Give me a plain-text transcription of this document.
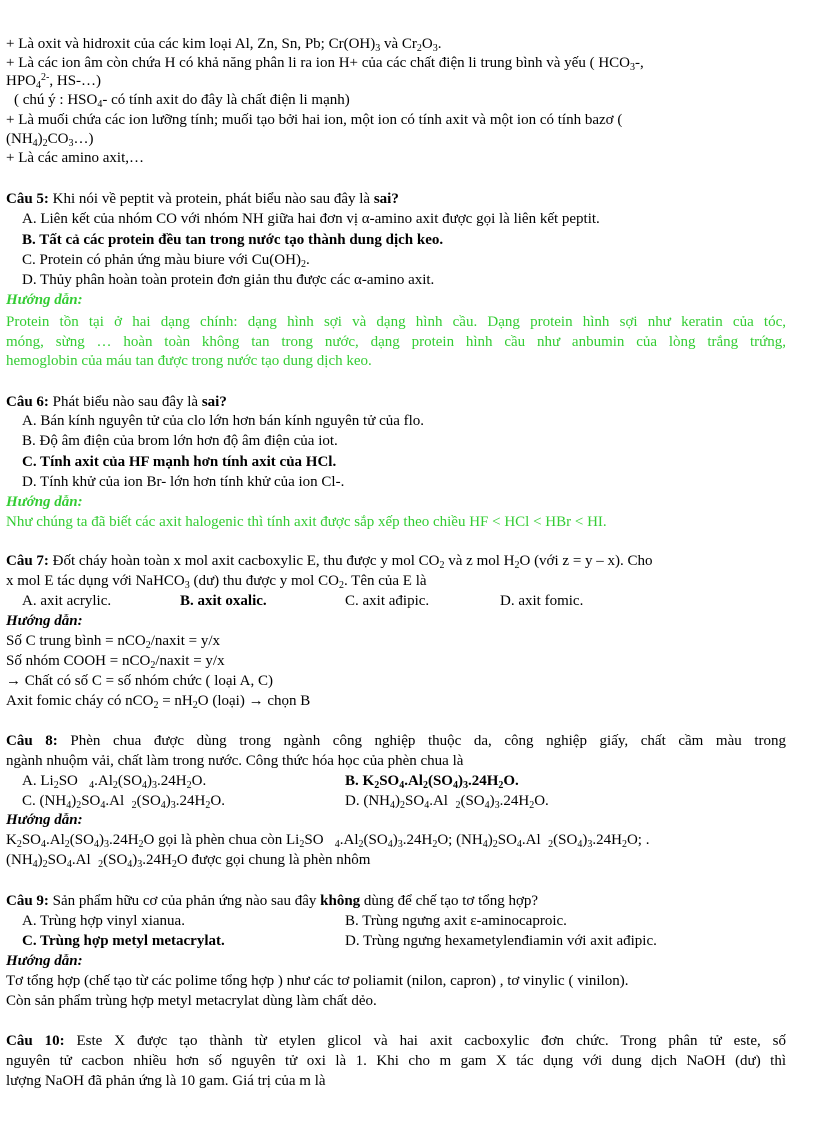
+ Là oxit và hidroxit của các kim loại Al, Zn, Sn, Pb; $Cr(OH)_3$ và $Cr_2O_3$.
+ Là các ion âm còn chứa H có khả năng phân li ra ion H+ của các chất điện li trung bình và yếu ( $HCO_3-$,
$HPO_4^{2-}$, HS-…)
( chú ý : $HSO_4-$ có tính axit do đây là chất điện li mạnh)
+ Là muối chứa các ion lưỡng tính; muối tạo bởi hai ion, một ion có tính axit và một ion có tính bazơ (
$(NH_4)_2CO_3\dots$)
+ Là các amino axit,…
Câu 5: Khi nói về peptit và protein, phát biểu nào sau đây là sai?
A. Liên kết của nhóm CO với nhóm NH giữa hai đơn vị α-amino axit được gọi là liên kết peptit.
B. Tất cả các protein đều tan trong nước tạo thành dung dịch keo.
C. Protein có phản ứng màu biure với $Cu(OH)_2$.
D. Thủy phân hoàn toàn protein đơn giản thu được các α-amino axit.
Hướng dẫn:
Protein tồn tại ở hai dạng chính: dạng hình sợi và dạng hình cầu. Dạng protein hình sợi như keratin của tóc,
móng, sừng … hoàn toàn không tan trong nước, dạng protein hình cầu như anbumin của lòng trắng trứng,
hemoglobin của máu tan được trong nước tạo dung dịch keo.
Câu 6: Phát biểu nào sau đây là sai?
A. Bán kính nguyên tử của clo lớn hơn bán kính nguyên tử của flo.
B. Độ âm điện của brom lớn hơn độ âm điện của iot.
C. Tính axit của HF mạnh hơn tính axit của HCl.
D. Tính khử của ion Br- lớn hơn tính khử của ion Cl-.
Hướng dẫn:
Như chúng ta đã biết các axit halogenic thì tính axit được sắp xếp theo chiều HF < HCl < HBr < HI.
Câu 7: Đốt cháy hoàn toàn x mol axit cacboxylic E, thu được y mol $CO_2$ và z mol $H_2O$ (với z = y – x). Cho
x mol E tác dụng với NaHCO$_3$ (dư) thu được y mol $CO_2$. Tên của E là
A. axit acrylic.	B. axit oxalic.	C. axit ađipic.	D. axit fomic.
Hướng dẫn:
Số C trung bình = nCO$_2$/naxit = y/x
Số nhóm COOH = nCO$_2$/naxit = y/x
→ Chất có số C = số nhóm chức ( loại A, C)
Axit fomic cháy có $nCO_2 = nH_2O$ (loại) → chọn B
Câu 8: Phèn chua được dùng trong ngành công nghiệp thuộc da, công nghiệp giấy, chất cầm màu trong
ngành nhuộm vải, chất làm trong nước. Công thức hóa học của phèn chua là
A. $Li_2SO$   $_4.Al_2(SO_4)_3.24H_2O$.	B. $K_2SO_4.Al_2(SO_4)_3.24H_2O$.
C. $(NH_4)_2SO_4.Al$  $_2(SO_4)_3.24H_2O$.	D. $(NH_4)_2SO_4.Al$  $_2(SO_4)_3.24H_2O$.
Hướng dẫn:
$K_2SO_4.Al_2(SO_4)_3.24H_2O$ gọi là phèn chua còn $Li_2SO$   $_4.Al_2(SO_4)_3.24H_2O$; $(NH_4)_2SO_4.Al$  $_2(SO_4)_3.24H_2O$; .
$(NH_4)_2SO_4.Al$  $_2(SO_4)_3.24H_2O$ được gọi chung là phèn nhôm
Câu 9: Sản phẩm hữu cơ của phản ứng nào sau đây không dùng để chế tạo tơ tổng hợp?
A. Trùng hợp vinyl xianua.	B. Trùng ngưng axit ε-aminocaproic.
C. Trùng hợp metyl metacrylat.	D. Trùng ngưng hexametylenđiamin với axit ađipic.
Hướng dẫn:
Tơ tổng hợp (chế tạo từ các polime tổng hợp ) như các tơ poliamit (nilon, capron) , tơ vinylic ( vinilon).
Còn sản phẩm trùng hợp metyl metacrylat dùng làm chất dẻo.
Câu 10: Este X được tạo thành từ etylen glicol và hai axit cacboxylic đơn chức. Trong phân tử este, số
nguyên tử cacbon nhiều hơn số nguyên tử oxi là 1. Khi cho m gam X tác dụng với dung dịch NaOH (dư) thì
lượng NaOH đã phản ứng là 10 gam. Giá trị của m là
